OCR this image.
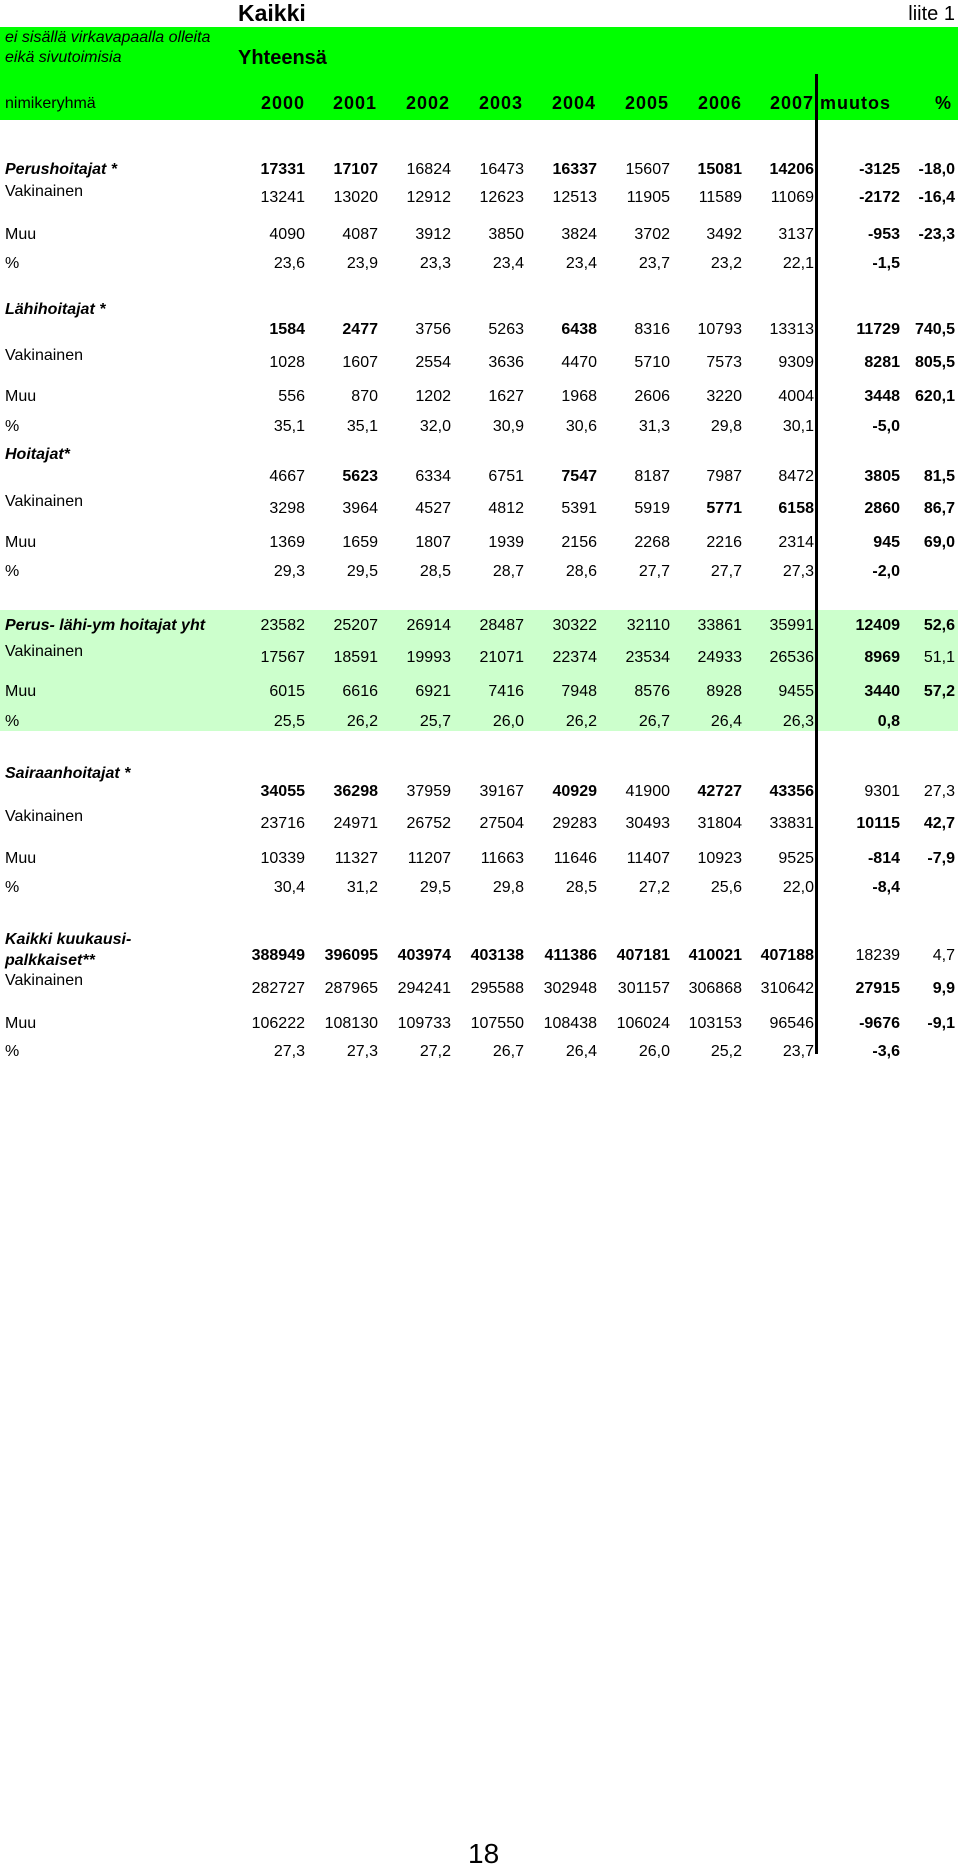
Kaikki	liite 1
ei sisällä virkavapaalla olleita
eikä sivutoimisia	Yhteensä
nimikeryhmä	2000	2001	2002	2003	2004	2005	2006	2007 muutos	%
Perushoitajat *	17331	17107	16824	16473	16337	15607	15081	14206	-3125	-18,0
Vakinainen	13241	13020	12912	12623	12513	11905	11589	11069	-2172	-16,4
Muu	4090	4087	3912	3850	3824	3702	3492	3137	-953	-23,3
%	23,6	23,9	23,3	23,4	23,4	23,7	23,2	22,1	-1,5
Lähihoitajat *
1584	2477	3756	5263	6438	8316	10793	13313	11729 740,5
Vakinainen	1028	1607	2554	3636	4470	5710	7573	9309	8281 805,5
Muu	556	870	1202	1627	1968	2606	3220	4004	3448 620,1
%	35,1	35,1	32,0	30,9	30,6	31,3	29,8	30,1	-5,0
Hoitajat*
4667	5623	6334	6751	7547	8187	7987	8472	3805	81,5
Vakinainen	3298	3964	4527	4812	5391	5919	5771	6158	2860	86,7
Muu	1369	1659	1807	1939	2156	2268	2216	2314	945	69,0
%	29,3	29,5	28,5	28,7	28,6	27,7	27,7	27,3	-2,0
Perus- lähi-ym hoitajat yht	23582	25207	26914	28487	30322	32110	33861	35991	12409	52,6
Vakinainen	17567	18591	19993	21071	22374	23534	24933	26536	8969	51,1
Muu	6015	6616	6921	7416	7948	8576	8928	9455	3440	57,2
%	25,5	26,2	25,7	26,0	26,2	26,7	26,4	26,3	0,8
Sairaanhoitajat *
34055	36298	37959	39167	40929	41900	42727	43356	9301	27,3
Vakinainen	23716	24971	26752	27504	29283	30493	31804	33831	10115	42,7
Muu	10339	11327	11207	11663	11646	11407	10923	9525	-814	-7,9
%	30,4	31,2	29,5	29,8	28,5	27,2	25,6	22,0	-8,4
Kaikki kuukausi-
palkkaiset**	388949	396095	403974	403138	411386	407181	410021	407188	18239	4,7
Vakinainen	282727	287965	294241	295588	302948	301157	306868	310642	27915	9,9
Muu	106222	108130	109733	107550	108438	106024	103153	96546	-9676	-9,1
%	27,3	27,3	27,2	26,7	26,4	26,0	25,2	23,7	-3,6
18
